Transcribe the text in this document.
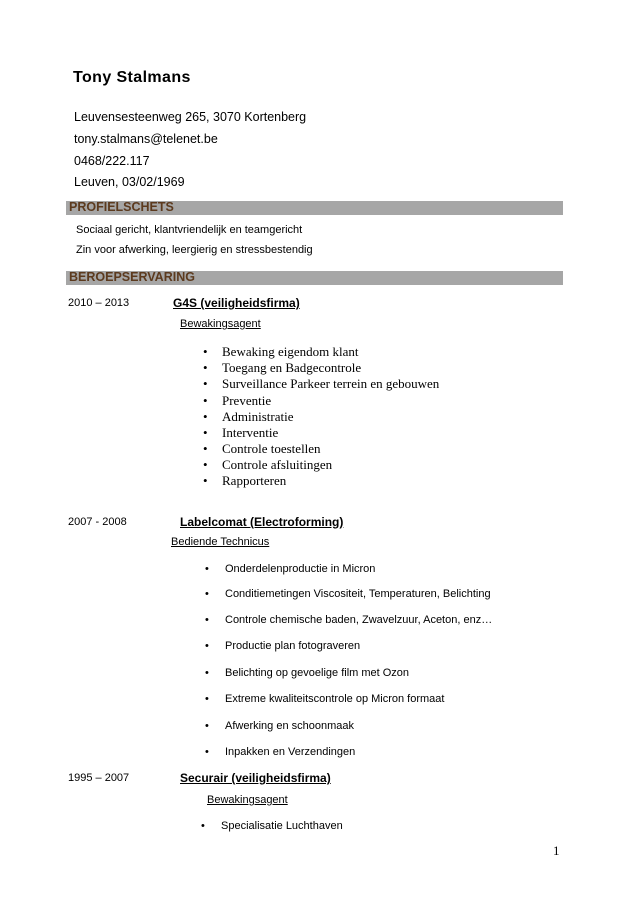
Tony Stalmans
Leuvensesteenweg 265, 3070 Kortenberg
tony.stalmans@telenet.be
0468/222.117
Leuven, 03/02/1969
PROFIELSCHETS
Sociaal gericht, klantvriendelijk en teamgericht
Zin voor afwerking, leergierig en stressbestendig
BEROEPSERVARING
2010 – 2013	G4S (veiligheidsfirma)
Bewakingsagent
• Bewaking eigendom klant
• Toegang en Badgecontrole
• Surveillance Parkeer terrein en gebouwen
• Preventie
• Administratie
• Interventie
• Controle toestellen
• Controle afsluitingen
• Rapporteren
2007 - 2008	Labelcomat (Electroforming)
Bediende Technicus
• Onderdelenproductie in Micron
• Conditiemetingen Viscositeit, Temperaturen, Belichting
• Controle chemische baden, Zwavelzuur, Aceton, enz…
• Productie plan fotograveren
• Belichting op gevoelige film met Ozon
• Extreme kwaliteitscontrole op Micron formaat
• Afwerking en schoonmaak
• Inpakken en Verzendingen
1995 – 2007	Securair (veiligheidsfirma)
Bewakingsagent
• Specialisatie Luchthaven
1
